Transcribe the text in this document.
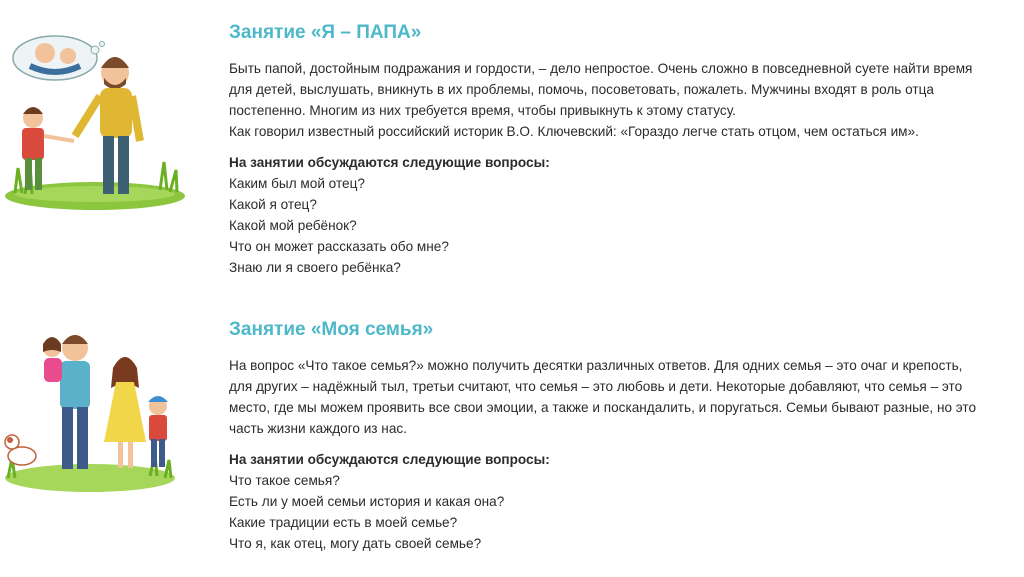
Занятие «Я – ПАПА»

Быть папой, достойным подражания и гордости, – дело непростое. Очень сложно в повседневной суете найти время для детей, выслушать, вникнуть в их проблемы, помочь, посоветовать, пожалеть. Мужчины входят в роль отца постепенно. Многим из них требуется время, чтобы привыкнуть к этому статусу.

Как говорил известный российский историк В.О. Ключевский: «Гораздо легче стать отцом, чем остаться им».

На занятии обсуждаются следующие вопросы:

Каким был мой отец?
Какой я отец?
Какой мой ребёнок?
Что он может рассказать обо мне?
Знаю ли я своего ребёнка?
Занятие «Моя семья»

На вопрос «Что такое семья?» можно получить десятки различных ответов. Для одних семья – это очаг и крепость, для других – надёжный тыл, третьи считают, что семья – это любовь и дети. Некоторые добавляют, что семья – это место, где мы можем проявить все свои эмоции, а также и поскандалить, и поругаться. Семьи бывают разные, но это часть жизни каждого из нас.

На занятии обсуждаются следующие вопросы:

Что такое семья?
Есть ли у моей семьи история и какая она?
Какие традиции есть в моей семье?
Что я, как отец, могу дать своей семье?
